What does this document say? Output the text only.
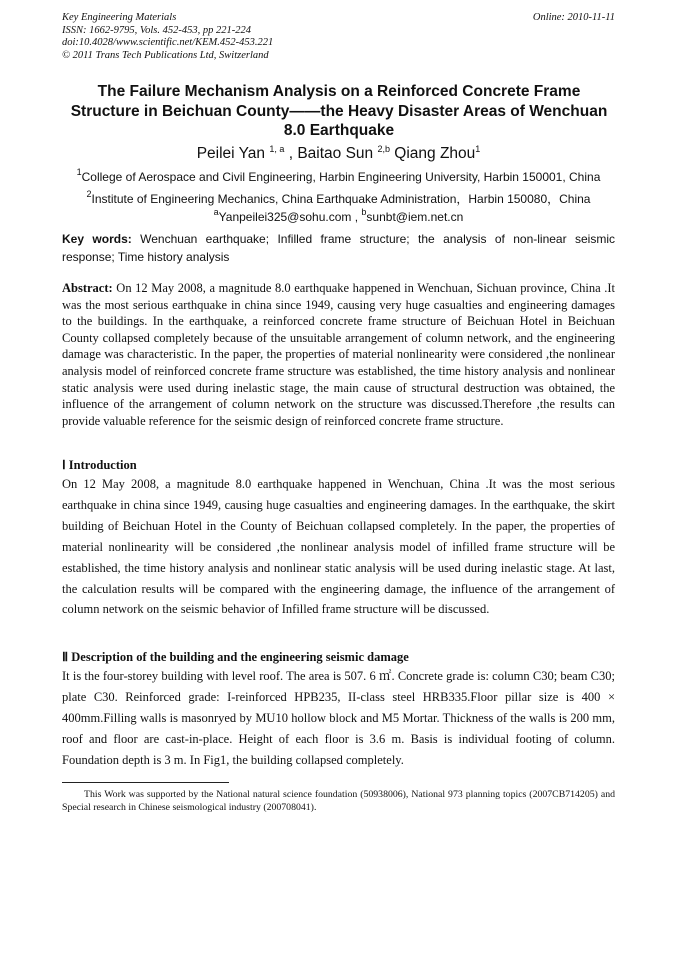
Key Engineering Materials
ISSN: 1662-9795, Vols. 452-453, pp 221-224
doi:10.4028/www.scientific.net/KEM.452-453.221
© 2011 Trans Tech Publications Ltd, Switzerland
Online: 2010-11-11
The Failure Mechanism Analysis on a Reinforced Concrete Frame Structure in Beichuan County——the Heavy Disaster Areas of Wenchuan 8.0 Earthquake
Peilei Yan $^{1, a}$ , Baitao Sun $^{2,b}$ Qiang Zhou$^1$
$^1$College of Aerospace and Civil Engineering, Harbin Engineering University, Harbin 150001, China
$^2$Institute of Engineering Mechanics, China Earthquake Administration，Harbin 150080，China
$^a$Yanpeilei325@sohu.com , $^b$sunbt@iem.net.cn
Key words: Wenchuan earthquake; Infilled frame structure; the analysis of non-linear seismic response; Time history analysis
Abstract: On 12 May 2008, a magnitude 8.0 earthquake happened in Wenchuan, Sichuan province, China .It was the most serious earthquake in china since 1949, causing very huge casualties and engineering damages to the buildings. In the earthquake, a reinforced concrete frame structure of Beichuan Hotel in Beichuan County collapsed completely because of the unsuitable arrangement of column network, and the engineering damage was characteristic. In the paper, the properties of material nonlinearity were considered ,the nonlinear analysis model of reinforced concrete frame structure was established, the time history analysis and nonlinear static analysis were used during inelastic stage, the main cause of structural destruction was obtained, the influence of the arrangement of column network on the structure was discussed.Therefore ,the results can provide valuable reference for the seismic design of reinforced concrete frame structure.
Ⅰ Introduction
On 12 May 2008, a magnitude 8.0 earthquake happened in Wenchuan, China .It was the most serious earthquake in china since 1949, causing huge casualties and engineering damages. In the earthquake, the skirt building of Beichuan Hotel in the County of Beichuan collapsed completely. In the paper, the properties of material nonlinearity will be considered ,the nonlinear analysis model of infilled frame structure will be established, the time history analysis and nonlinear static analysis will be used during inelastic stage. At last, the calculation results will be compared with the engineering damage, the influence of the arrangement of column network on the seismic behavior of Infilled frame structure will be discussed.
Ⅱ Description of the building and the engineering seismic damage
It is the four-storey building with level roof. The area is 507. 6 ㎡. Concrete grade is: column C30; beam C30; plate C30. Reinforced grade: I-reinforced HPB235, II-class steel HRB335.Floor pillar size is 400 × 400mm.Filling walls is masonryed by MU10 hollow block and M5 Mortar. Thickness of the walls is 200 mm, roof and floor are cast-in-place. Height of each floor is 3.6 m. Basis is individual footing of column. Foundation depth is 3 m. In Fig1, the building collapsed completely.
This Work was supported by the National natural science foundation (50938006), National 973 planning topics (2007CB714205) and Special research in Chinese seismological industry (200708041).
